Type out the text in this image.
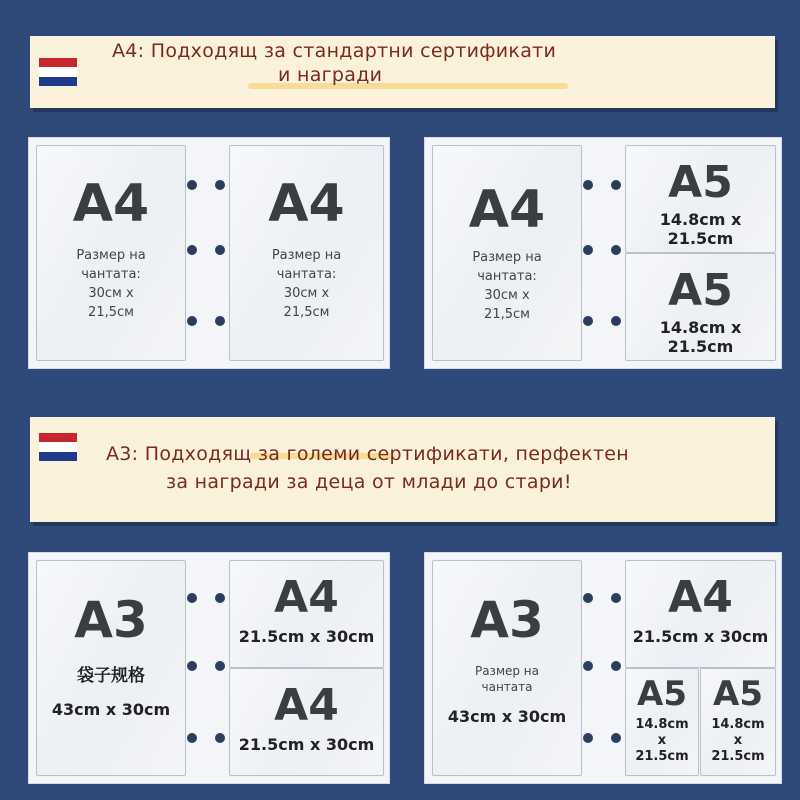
А4: Подходящ за стандартни сертификати
и награди
A4
Размер на
чантата:
30см х
21,5см
A4
Размер на
чантата:
30см х
21,5см
A4
Размер на
чантата:
30см х
21,5см
A5
14.8cm x 21.5cm
A5
14.8cm x 21.5cm
А3: Подходящ за големи сертификати, перфектен
за награди за деца от млади до стари!
A3
袋子规格
43cm x 30cm
A4
21.5cm x 30cm
A4
21.5cm x 30cm
A3
Размер на
чантата
43cm x 30cm
A4
21.5cm x 30cm
A5
14.8cm
x
21.5cm
A5
14.8cm
x
21.5cm
